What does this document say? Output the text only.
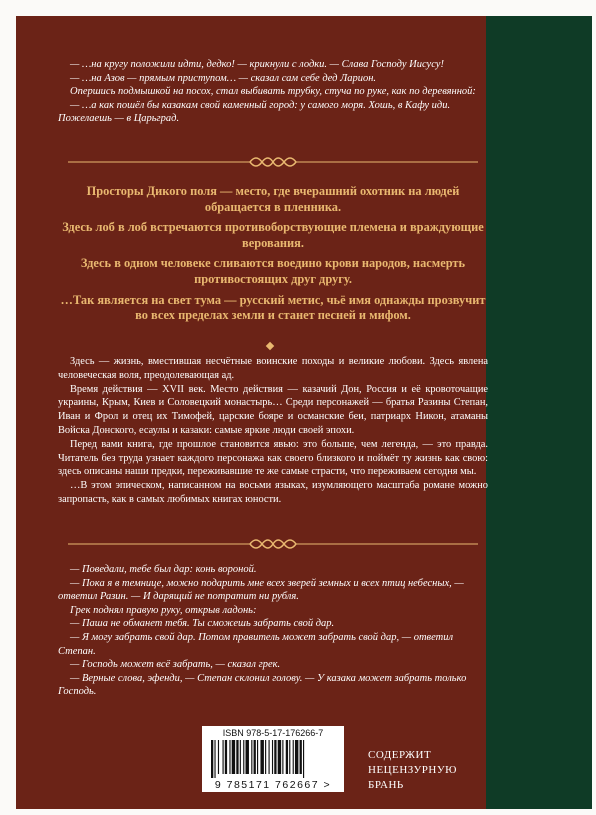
— …на кругу положили идти, дедко! — крикнули с лодки. — Слава Господу Иисусу!

— …на Азов — прямым приступом… — сказал сам себе дед Ларион.

Опершись подмышкой на посох, стал выбивать трубку, стуча по руке, как по деревянной:

— …а как пошёл бы казакам свой каменный город: у самого моря. Хошь, в Кафу иди. Пожелаешь — в Царьград.

Просторы Дикого поля — место, где вчерашний охотник на людей обращается в пленника.

Здесь лоб в лоб встречаются противоборствующие племена и враждующие верования.

Здесь в одном человеке сливаются воедино крови народов, насмерть противостоящих друг другу.

…Так является на свет тума — русский метис, чьё имя однажды прозвучит во всех пределах земли и станет песней и мифом.

Здесь — жизнь, вместившая несчётные воинские походы и великие любови. Здесь явлена человеческая воля, преодолевающая ад.

Время действия — XVII век. Место действия — казачий Дон, Россия и её кровоточащие украины, Крым, Киев и Соловецкий монастырь… Среди персонажей — братья Разины Степан, Иван и Фрол и отец их Тимофей, царские бояре и османские беи, патриарх Никон, атаманы Войска Донского, есаулы и казаки: самые яркие люди своей эпохи.

Перед вами книга, где прошлое становится явью: это больше, чем легенда, — это правда. Читатель без труда узнает каждого персонажа как своего близкого и поймёт ту жизнь как свою: здесь описаны наши предки, переживавшие те же самые страсти, что переживаем сегодня мы.

…В этом эпическом, написанном на восьми языках, изумляющего масштаба романе можно запропасть, как в самых любимых книгах юности.

— Поведали, тебе был дар: конь вороной.

— Пока я в темнице, можно подарить мне всех зверей земных и всех птиц небесных, — ответил Разин. — И дарящий не потратит ни рубля.

Грек поднял правую руку, открыв ладонь:

— Паша не обманет тебя. Ты сможешь забрать свой дар.

— Я могу забрать свой дар. Потом правитель может забрать свой дар, — ответил Степан.

— Господь может всё забрать, — сказал грек.

— Верные слова, эфенди, — Степан склонил голову. — У казака может забрать только Господь.

ISBN 978-5-17-176266-7
9 785171 762667 >
СОДЕРЖИТ
НЕЦЕНЗУРНУЮ
БРАНЬ
